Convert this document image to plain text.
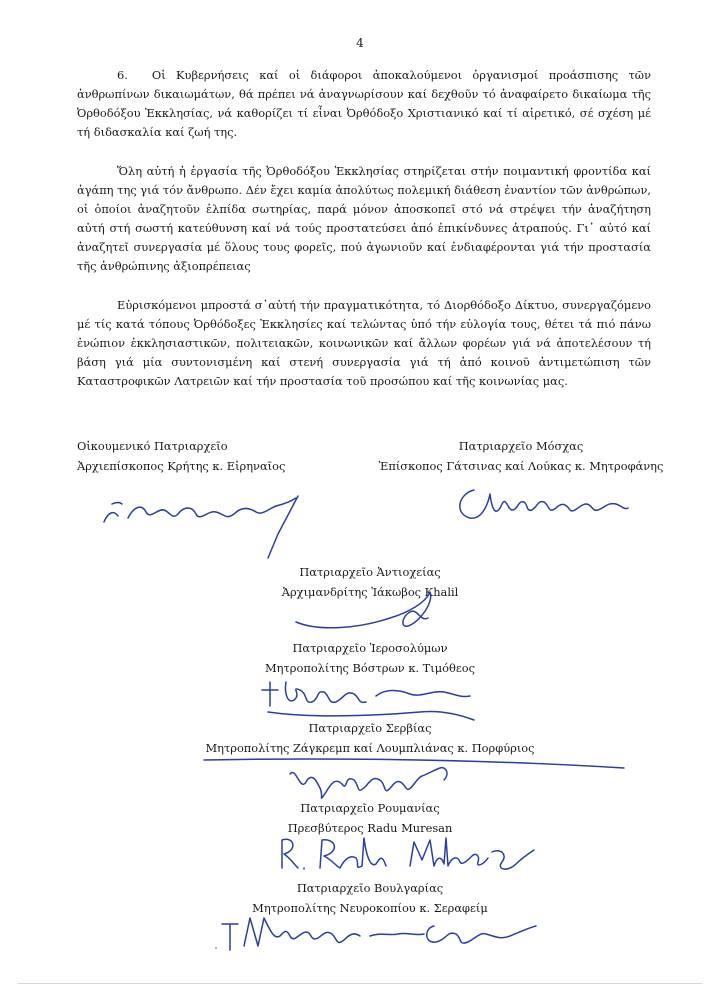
4

6. Οἱ Κυβερνήσεις καί οἱ διάφοροι ἀποκαλούμενοι ὀργανισμοί προάσπισης τῶν ἀνθρωπίνων δικαιωμάτων, θά πρέπει νά ἀναγνωρίσουν καί δεχθοῦν τό ἀναφαίρετο δικαίωμα τῆς Ὀρθοδόξου Ἐκκλησίας, νά καθορίζει τί εἶναι Ὀρθόδοξο Χριστιανικό καί τί αἱρετικό, σέ σχέση μέ τή διδασκαλία καί ζωή της.

Ὅλη αὐτή ἡ ἐργασία τῆς Ὀρθοδόξου Ἐκκλησίας στηρίζεται στήν ποιμαντική φροντίδα καί ἀγάπη της γιά τόν ἄνθρωπο. Δέν ἔχει καμία ἀπολύτως πολεμική διάθεση ἐναντίον τῶν ἀνθρώπων, οἱ ὁποίοι ἀναζητοῦν ἐλπίδα σωτηρίας, παρά μόνον ἀποσκοπεῖ στό νά στρέψει τήν ἀναζήτηση αὐτή στή σωστή κατεύθυνση καί νά τούς προστατεύσει ἀπό ἐπικίνδυνες ἀτραπούς. Γι᾽ αὐτό καί ἀναζητεῖ συνεργασία μέ ὅλους τους φορεῖς, πού ἀγωνιοῦν καί ἐνδιαφέρονται γιά τήν προστασία τῆς ἀνθρώπινης ἀξιοπρέπειας

Εὑρισκόμενοι μπροστά σ᾽αὐτή τήν πραγματικότητα, τό Διορθόδοξο Δίκτυο, συνεργαζόμενο μέ τίς κατά τόπους Ὀρθόδοξες Ἐκκλησίες καί τελώντας ὑπό τήν εὐλογία τους, θέτει τά πιό πάνω ἐνώπιον ἐκκλησιαστικῶν, πολιτειακῶν, κοινωνικῶν καί ἄλλων φορέων γιά νά ἀποτελέσουν τή βάση γιά μία συντονισμένη καί στενή συνεργασία γιά τή ἀπό κοινοῦ ἀντιμετώπιση τῶν Καταστροφικῶν Λατρειῶν καί τήν προστασία τοῦ προσώπου καί τῆς κοινωνίας μας.

Οἰκουμενικό Πατριαρχεῖο
Ἀρχιεπίσκοπος Κρήτης κ. Εἰρηναῖος
Πατριαρχεῖο Μόσχας
Ἐπίσκοπος Γάτσινας καί Λούκας κ. Μητροφάνης
Πατριαρχεῖο Ἀντιοχείας
Ἀρχιμανδρίτης Ἰάκωβος Khalil
Πατριαρχεῖο Ἰεροσολύμων
Μητροπολίτης Βόστρων κ. Τιμόθεος
Πατριαρχεῖο Σερβίας
Μητροπολίτης Ζάγκρεμπ καί Λουμπλιάνας κ. Πορφύριος
Πατριαρχεῖο Ρουμανίας
Πρεσβύτερος Radu Muresan
Πατριαρχεῖο Βουλγαρίας
Μητροπολίτης Νευροκοπίου κ. Σεραφείμ
